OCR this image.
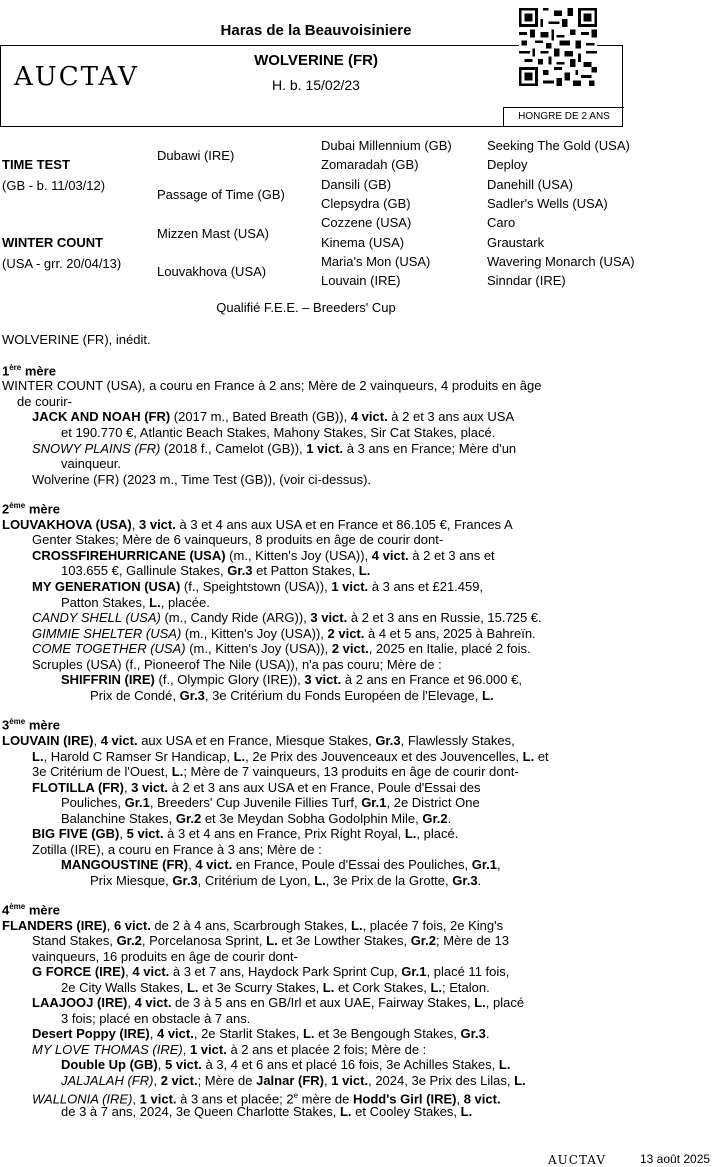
Haras de la Beauvoisiniere
WOLVERINE (FR)
H. b. 15/02/23
AUCTAV
HONGRE DE 2 ANS
TIME TEST
(GB - b. 11/03/12)
WINTER COUNT
(USA - grr. 20/04/13)
Dubawi (IRE)
Passage of Time (GB)
Mizzen Mast (USA)
Louvakhova (USA)
Dubai Millennium (GB)
Zomaradah (GB)
Dansili (GB)
Clepsydra (GB)
Cozzene (USA)
Kinema (USA)
Maria's Mon (USA)
Louvain (IRE)
Seeking The Gold (USA)
Deploy
Danehill (USA)
Sadler's Wells (USA)
Caro
Graustark
Wavering Monarch (USA)
Sinndar (IRE)
Qualifié F.E.E. – Breeders' Cup
WOLVERINE (FR), inédit.
1ère mère
WINTER COUNT (USA), a couru en France à 2 ans; Mère de 2 vainqueurs, 4 produits en âge
de courir-
JACK AND NOAH (FR) (2017 m., Bated Breath (GB)), 4 vict. à 2 et 3 ans aux USA
et 190.770 €, Atlantic Beach Stakes, Mahony Stakes, Sir Cat Stakes, placé.
SNOWY PLAINS (FR) (2018 f., Camelot (GB)), 1 vict. à 3 ans en France; Mère d'un
vainqueur.
Wolverine (FR) (2023 m., Time Test (GB)), (voir ci-dessus).
2ème mère
LOUVAKHOVA (USA), 3 vict. à 3 et 4 ans aux USA et en France et 86.105 €, Frances A
Genter Stakes; Mère de 6 vainqueurs, 8 produits en âge de courir dont-
CROSSFIREHURRICANE (USA) (m., Kitten's Joy (USA)), 4 vict. à 2 et 3 ans et
103.655 €, Gallinule Stakes, Gr.3 et Patton Stakes, L.
MY GENERATION (USA) (f., Speightstown (USA)), 1 vict. à 3 ans et £21.459,
Patton Stakes, L., placée.
CANDY SHELL (USA) (m., Candy Ride (ARG)), 3 vict. à 2 et 3 ans en Russie, 15.725 €.
GIMMIE SHELTER (USA) (m., Kitten's Joy (USA)), 2 vict. à 4 et 5 ans, 2025 à Bahreïn.
COME TOGETHER (USA) (m., Kitten's Joy (USA)), 2 vict., 2025 en Italie, placé 2 fois.
Scruples (USA) (f., Pioneerof The Nile (USA)), n'a pas couru; Mère de :
SHIFFRIN (IRE) (f., Olympic Glory (IRE)), 3 vict. à 2 ans en France et 96.000 €,
Prix de Condé, Gr.3, 3e Critérium du Fonds Européen de l'Elevage, L.
3ème mère
LOUVAIN (IRE), 4 vict. aux USA et en France, Miesque Stakes, Gr.3, Flawlessly Stakes,
L., Harold C Ramser Sr Handicap, L., 2e Prix des Jouvenceaux et des Jouvencelles, L. et
3e Critérium de l'Ouest, L.; Mère de 7 vainqueurs, 13 produits en âge de courir dont-
FLOTILLA (FR), 3 vict. à 2 et 3 ans aux USA et en France, Poule d'Essai des
Pouliches, Gr.1, Breeders' Cup Juvenile Fillies Turf, Gr.1, 2e District One
Balanchine Stakes, Gr.2 et 3e Meydan Sobha Godolphin Mile, Gr.2.
BIG FIVE (GB), 5 vict. à 3 et 4 ans en France, Prix Right Royal, L., placé.
Zotilla (IRE), a couru en France à 3 ans; Mère de :
MANGOUSTINE (FR), 4 vict. en France, Poule d'Essai des Pouliches, Gr.1,
Prix Miesque, Gr.3, Critérium de Lyon, L., 3e Prix de la Grotte, Gr.3.
4ème mère
FLANDERS (IRE), 6 vict. de 2 à 4 ans, Scarbrough Stakes, L., placée 7 fois, 2e King's
Stand Stakes, Gr.2, Porcelanosa Sprint, L. et 3e Lowther Stakes, Gr.2; Mère de 13
vainqueurs, 16 produits en âge de courir dont-
G FORCE (IRE), 4 vict. à 3 et 7 ans, Haydock Park Sprint Cup, Gr.1, placé 11 fois,
2e City Walls Stakes, L. et 3e Scurry Stakes, L. et Cork Stakes, L.; Etalon.
LAAJOOJ (IRE), 4 vict. de 3 à 5 ans en GB/Irl et aux UAE, Fairway Stakes, L., placé
3 fois; placé en obstacle à 7 ans.
Desert Poppy (IRE), 4 vict., 2e Starlit Stakes, L. et 3e Bengough Stakes, Gr.3.
MY LOVE THOMAS (IRE), 1 vict. à 2 ans et placée 2 fois; Mère de :
Double Up (GB), 5 vict. à 3, 4 et 6 ans et placé 16 fois, 3e Achilles Stakes, L.
JALJALAH (FR), 2 vict.; Mère de Jalnar (FR), 1 vict., 2024, 3e Prix des Lilas, L.
WALLONIA (IRE), 1 vict. à 3 ans et placée; 2e mère de Hodd's Girl (IRE), 8 vict.
de 3 à 7 ans, 2024, 3e Queen Charlotte Stakes, L. et Cooley Stakes, L.
AUCTAV	13 août 2025
